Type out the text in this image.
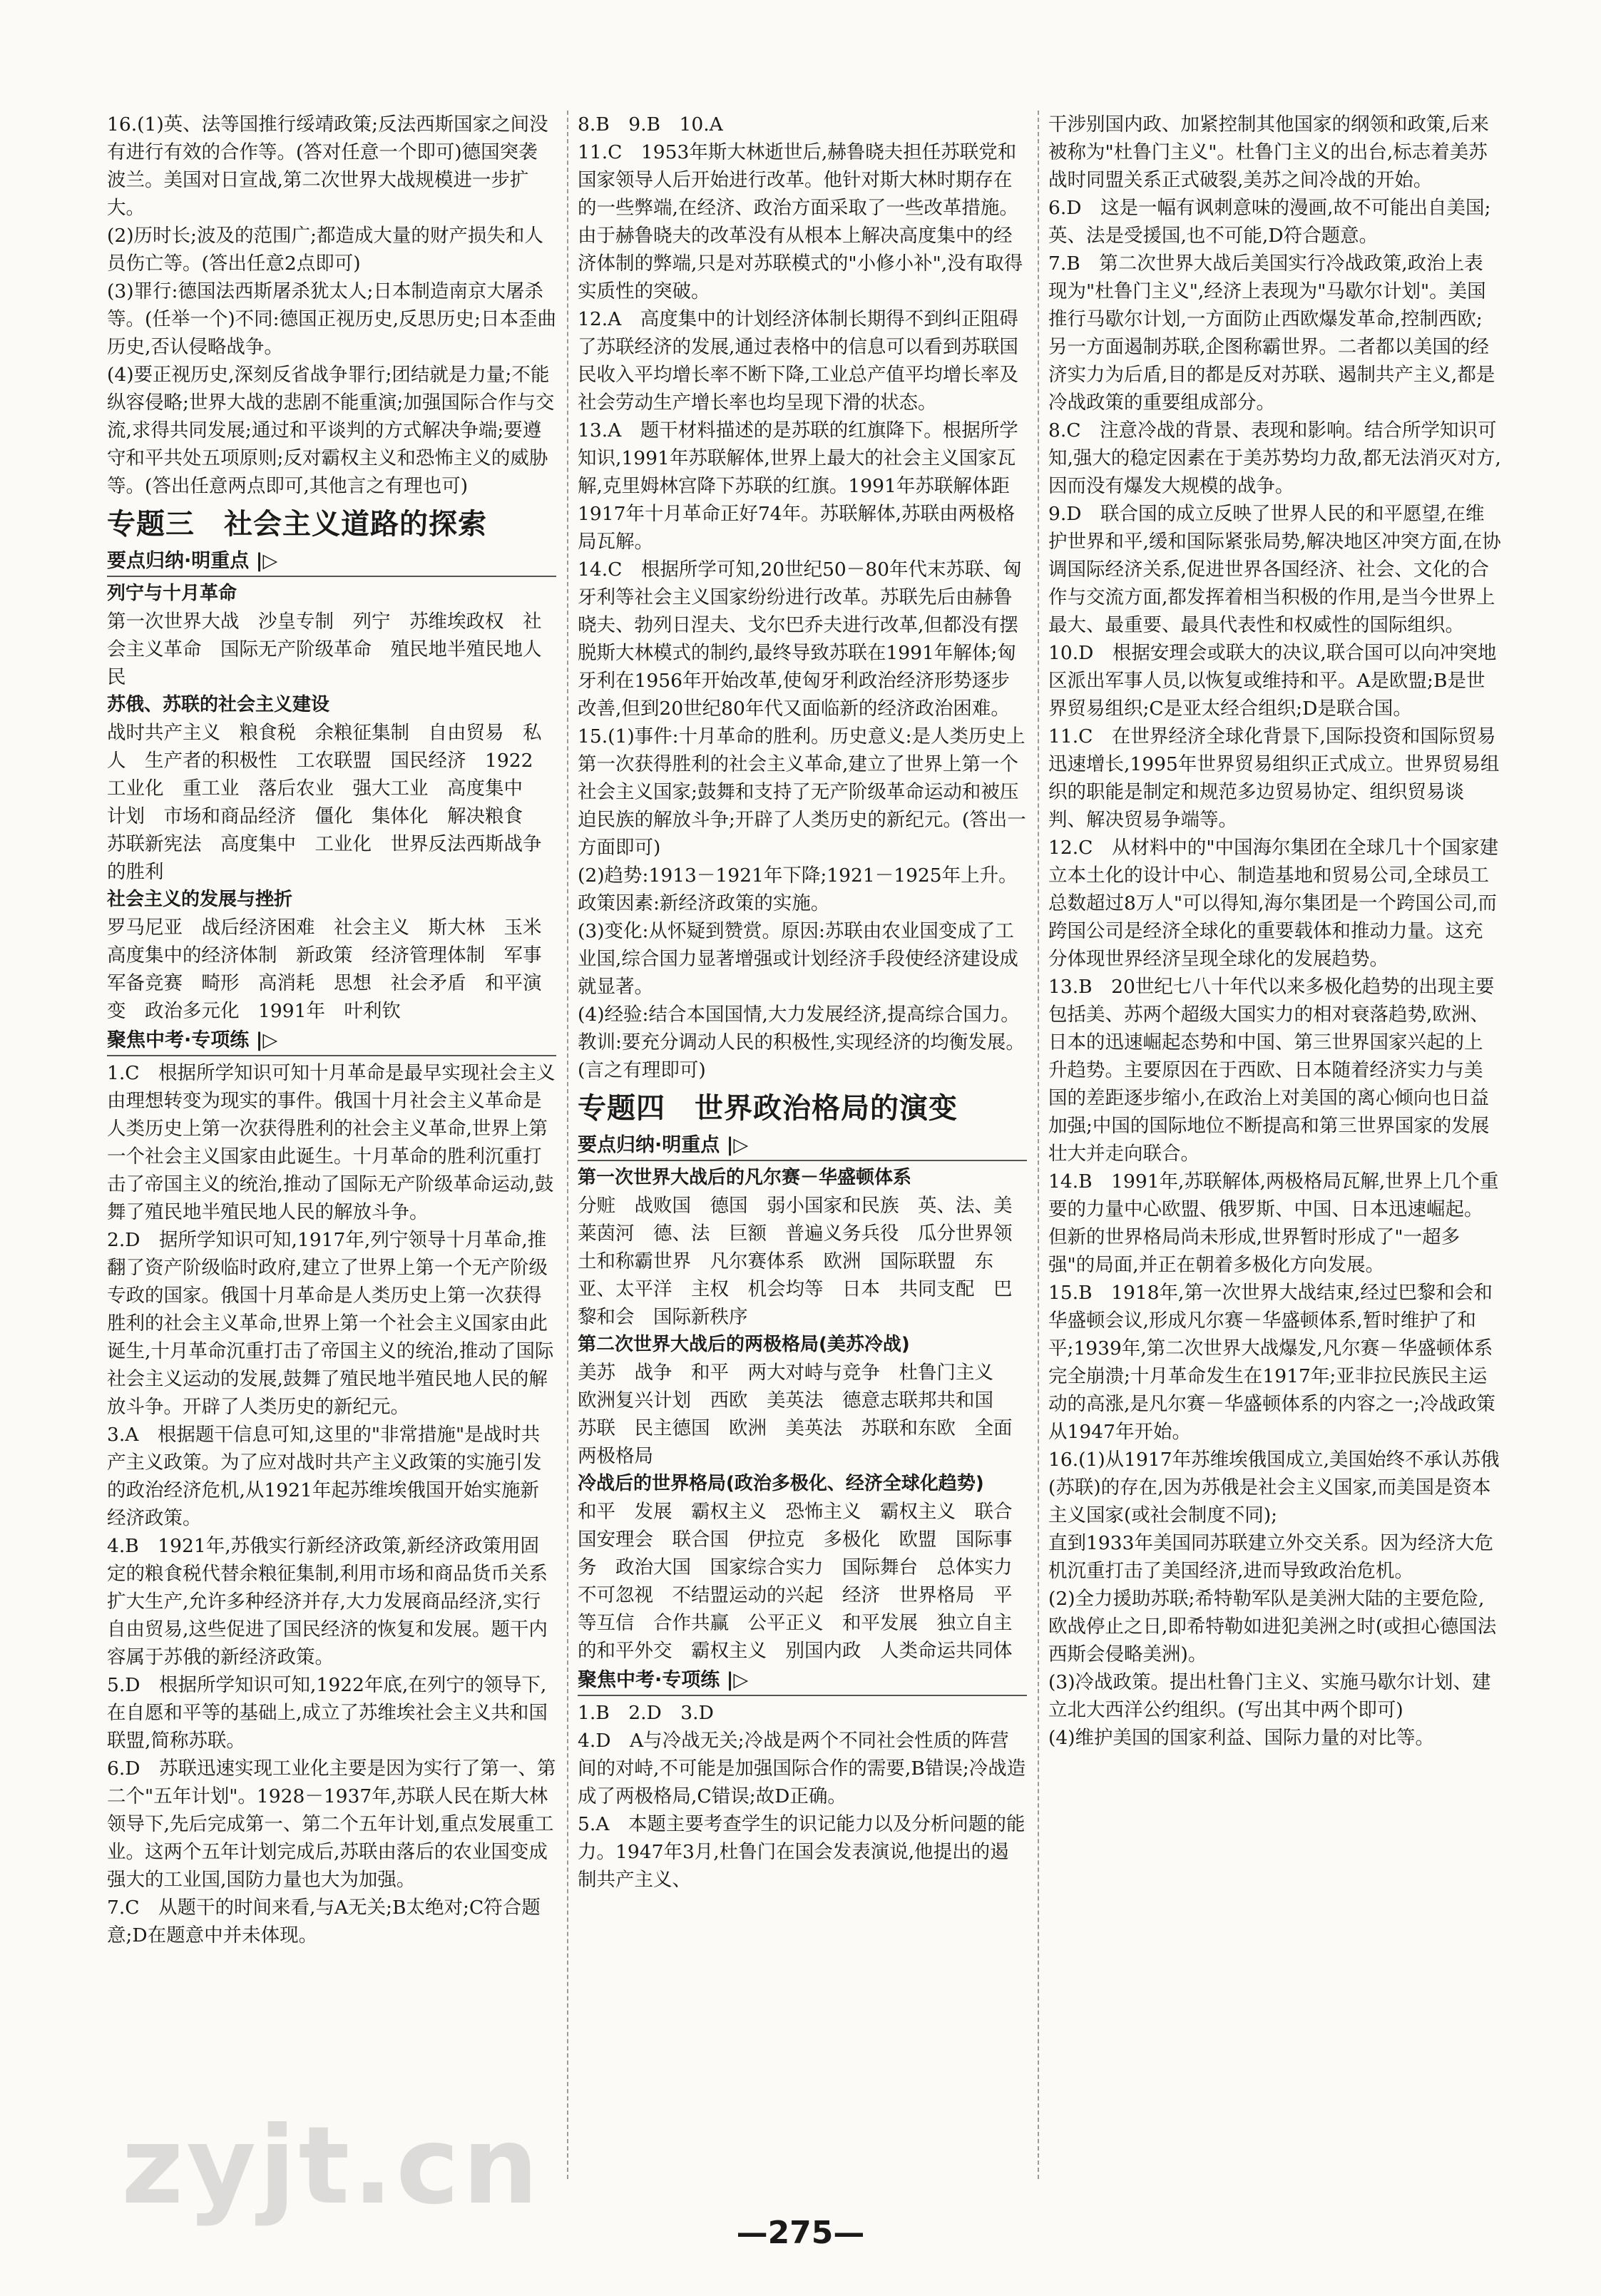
16.(1)英、法等国推行绥靖政策;反法西斯国家之间没有进行有效的合作等。(答对任意一个即可)德国突袭波兰。美国对日宣战,第二次世界大战规模进一步扩大。
(2)历时长;波及的范围广;都造成大量的财产损失和人员伤亡等。(答出任意2点即可)
(3)罪行:德国法西斯屠杀犹太人;日本制造南京大屠杀等。(任举一个)不同:德国正视历史,反思历史;日本歪曲历史,否认侵略战争。
(4)要正视历史,深刻反省战争罪行;团结就是力量;不能纵容侵略;世界大战的悲剧不能重演;加强国际合作与交流,求得共同发展;通过和平谈判的方式解决争端;要遵守和平共处五项原则;反对霸权主义和恐怖主义的威胁等。(答出任意两点即可,其他言之有理也可)
专题三　社会主义道路的探索
要点归纳·明重点 |▷
列宁与十月革命
第一次世界大战　沙皇专制　列宁　苏维埃政权　社会主义革命　国际无产阶级革命　殖民地半殖民地人民
苏俄、苏联的社会主义建设
战时共产主义　粮食税　余粮征集制　自由贸易　私人　生产者的积极性　工农联盟　国民经济　1922　工业化　重工业　落后农业　强大工业　高度集中　计划　市场和商品经济　僵化　集体化　解决粮食　苏联新宪法　高度集中　工业化　世界反法西斯战争的胜利
社会主义的发展与挫折
罗马尼亚　战后经济困难　社会主义　斯大林　玉米　高度集中的经济体制　新政策　经济管理体制　军事　军备竞赛　畸形　高消耗　思想　社会矛盾　和平演变　政治多元化　1991年　叶利钦
聚焦中考·专项练 |▷
1.C　根据所学知识可知十月革命是最早实现社会主义由理想转变为现实的事件。俄国十月社会主义革命是人类历史上第一次获得胜利的社会主义革命,世界上第一个社会主义国家由此诞生。十月革命的胜利沉重打击了帝国主义的统治,推动了国际无产阶级革命运动,鼓舞了殖民地半殖民地人民的解放斗争。
2.D　据所学知识可知,1917年,列宁领导十月革命,推翻了资产阶级临时政府,建立了世界上第一个无产阶级专政的国家。俄国十月革命是人类历史上第一次获得胜利的社会主义革命,世界上第一个社会主义国家由此诞生,十月革命沉重打击了帝国主义的统治,推动了国际社会主义运动的发展,鼓舞了殖民地半殖民地人民的解放斗争。开辟了人类历史的新纪元。
3.A　根据题干信息可知,这里的"非常措施"是战时共产主义政策。为了应对战时共产主义政策的实施引发的政治经济危机,从1921年起苏维埃俄国开始实施新经济政策。
4.B　1921年,苏俄实行新经济政策,新经济政策用固定的粮食税代替余粮征集制,利用市场和商品货币关系扩大生产,允许多种经济并存,大力发展商品经济,实行自由贸易,这些促进了国民经济的恢复和发展。题干内容属于苏俄的新经济政策。
5.D　根据所学知识可知,1922年底,在列宁的领导下,在自愿和平等的基础上,成立了苏维埃社会主义共和国联盟,简称苏联。
6.D　苏联迅速实现工业化主要是因为实行了第一、第二个"五年计划"。1928－1937年,苏联人民在斯大林领导下,先后完成第一、第二个五年计划,重点发展重工业。这两个五年计划完成后,苏联由落后的农业国变成强大的工业国,国防力量也大为加强。
7.C　从题干的时间来看,与A无关;B太绝对;C符合题意;D在题意中并未体现。
8.B　9.B　10.A
11.C　1953年斯大林逝世后,赫鲁晓夫担任苏联党和国家领导人后开始进行改革。他针对斯大林时期存在的一些弊端,在经济、政治方面采取了一些改革措施。由于赫鲁晓夫的改革没有从根本上解决高度集中的经济体制的弊端,只是对苏联模式的"小修小补",没有取得实质性的突破。
12.A　高度集中的计划经济体制长期得不到纠正阻碍了苏联经济的发展,通过表格中的信息可以看到苏联国民收入平均增长率不断下降,工业总产值平均增长率及社会劳动生产增长率也均呈现下滑的状态。
13.A　题干材料描述的是苏联的红旗降下。根据所学知识,1991年苏联解体,世界上最大的社会主义国家瓦解,克里姆林宫降下苏联的红旗。1991年苏联解体距1917年十月革命正好74年。苏联解体,苏联由两极格局瓦解。
14.C　根据所学可知,20世纪50－80年代末苏联、匈牙利等社会主义国家纷纷进行改革。苏联先后由赫鲁晓夫、勃列日涅夫、戈尔巴乔夫进行改革,但都没有摆脱斯大林模式的制约,最终导致苏联在1991年解体;匈牙利在1956年开始改革,使匈牙利政治经济形势逐步改善,但到20世纪80年代又面临新的经济政治困难。
15.(1)事件:十月革命的胜利。历史意义:是人类历史上第一次获得胜利的社会主义革命,建立了世界上第一个社会主义国家;鼓舞和支持了无产阶级革命运动和被压迫民族的解放斗争;开辟了人类历史的新纪元。(答出一方面即可)
(2)趋势:1913－1921年下降;1921－1925年上升。政策因素:新经济政策的实施。
(3)变化:从怀疑到赞赏。原因:苏联由农业国变成了工业国,综合国力显著增强或计划经济手段使经济建设成就显著。
(4)经验:结合本国国情,大力发展经济,提高综合国力。教训:要充分调动人民的积极性,实现经济的均衡发展。(言之有理即可)
专题四　世界政治格局的演变
要点归纳·明重点 |▷
第一次世界大战后的凡尔赛－华盛顿体系
分赃　战败国　德国　弱小国家和民族　英、法、美　莱茵河　德、法　巨额　普遍义务兵役　瓜分世界领土和称霸世界　凡尔赛体系　欧洲　国际联盟　东亚、太平洋　主权　机会均等　日本　共同支配　巴黎和会　国际新秩序
第二次世界大战后的两极格局(美苏冷战)
美苏　战争　和平　两大对峙与竞争　杜鲁门主义　欧洲复兴计划　西欧　美英法　德意志联邦共和国　苏联　民主德国　欧洲　美英法　苏联和东欧　全面　两极格局
冷战后的世界格局(政治多极化、经济全球化趋势)
和平　发展　霸权主义　恐怖主义　霸权主义　联合国安理会　联合国　伊拉克　多极化　欧盟　国际事务　政治大国　国家综合实力　国际舞台　总体实力　不可忽视　不结盟运动的兴起　经济　世界格局　平等互信　合作共赢　公平正义　和平发展　独立自主的和平外交　霸权主义　别国内政　人类命运共同体
聚焦中考·专项练 |▷
1.B　2.D　3.D
4.D　A与冷战无关;冷战是两个不同社会性质的阵营间的对峙,不可能是加强国际合作的需要,B错误;冷战造成了两极格局,C错误;故D正确。
5.A　本题主要考查学生的识记能力以及分析问题的能力。1947年3月,杜鲁门在国会发表演说,他提出的遏制共产主义、
干涉别国内政、加紧控制其他国家的纲领和政策,后来被称为"杜鲁门主义"。杜鲁门主义的出台,标志着美苏战时同盟关系正式破裂,美苏之间冷战的开始。
6.D　这是一幅有讽刺意味的漫画,故不可能出自美国;英、法是受援国,也不可能,D符合题意。
7.B　第二次世界大战后美国实行冷战政策,政治上表现为"杜鲁门主义",经济上表现为"马歇尔计划"。美国推行马歇尔计划,一方面防止西欧爆发革命,控制西欧;另一方面遏制苏联,企图称霸世界。二者都以美国的经济实力为后盾,目的都是反对苏联、遏制共产主义,都是冷战政策的重要组成部分。
8.C　注意冷战的背景、表现和影响。结合所学知识可知,强大的稳定因素在于美苏势均力敌,都无法消灭对方,因而没有爆发大规模的战争。
9.D　联合国的成立反映了世界人民的和平愿望,在维护世界和平,缓和国际紧张局势,解决地区冲突方面,在协调国际经济关系,促进世界各国经济、社会、文化的合作与交流方面,都发挥着相当积极的作用,是当今世界上最大、最重要、最具代表性和权威性的国际组织。
10.D　根据安理会或联大的决议,联合国可以向冲突地区派出军事人员,以恢复或维持和平。A是欧盟;B是世界贸易组织;C是亚太经合组织;D是联合国。
11.C　在世界经济全球化背景下,国际投资和国际贸易迅速增长,1995年世界贸易组织正式成立。世界贸易组织的职能是制定和规范多边贸易协定、组织贸易谈判、解决贸易争端等。
12.C　从材料中的"中国海尔集团在全球几十个国家建立本土化的设计中心、制造基地和贸易公司,全球员工总数超过8万人"可以得知,海尔集团是一个跨国公司,而跨国公司是经济全球化的重要载体和推动力量。这充分体现世界经济呈现全球化的发展趋势。
13.B　20世纪七八十年代以来多极化趋势的出现主要包括美、苏两个超级大国实力的相对衰落趋势,欧洲、日本的迅速崛起态势和中国、第三世界国家兴起的上升趋势。主要原因在于西欧、日本随着经济实力与美国的差距逐步缩小,在政治上对美国的离心倾向也日益加强;中国的国际地位不断提高和第三世界国家的发展壮大并走向联合。
14.B　1991年,苏联解体,两极格局瓦解,世界上几个重要的力量中心欧盟、俄罗斯、中国、日本迅速崛起。但新的世界格局尚未形成,世界暂时形成了"一超多强"的局面,并正在朝着多极化方向发展。
15.B　1918年,第一次世界大战结束,经过巴黎和会和华盛顿会议,形成凡尔赛－华盛顿体系,暂时维护了和平;1939年,第二次世界大战爆发,凡尔赛－华盛顿体系完全崩溃;十月革命发生在1917年;亚非拉民族民主运动的高涨,是凡尔赛－华盛顿体系的内容之一;冷战政策从1947年开始。
16.(1)从1917年苏维埃俄国成立,美国始终不承认苏俄(苏联)的存在,因为苏俄是社会主义国家,而美国是资本主义国家(或社会制度不同);
直到1933年美国同苏联建立外交关系。因为经济大危机沉重打击了美国经济,进而导致政治危机。
(2)全力援助苏联;希特勒军队是美洲大陆的主要危险,欧战停止之日,即希特勒如进犯美洲之时(或担心德国法西斯会侵略美洲)。
(3)冷战政策。提出杜鲁门主义、实施马歇尔计划、建立北大西洋公约组织。(写出其中两个即可)
(4)维护美国的国家利益、国际力量的对比等。
zyjt.cn
—275—
